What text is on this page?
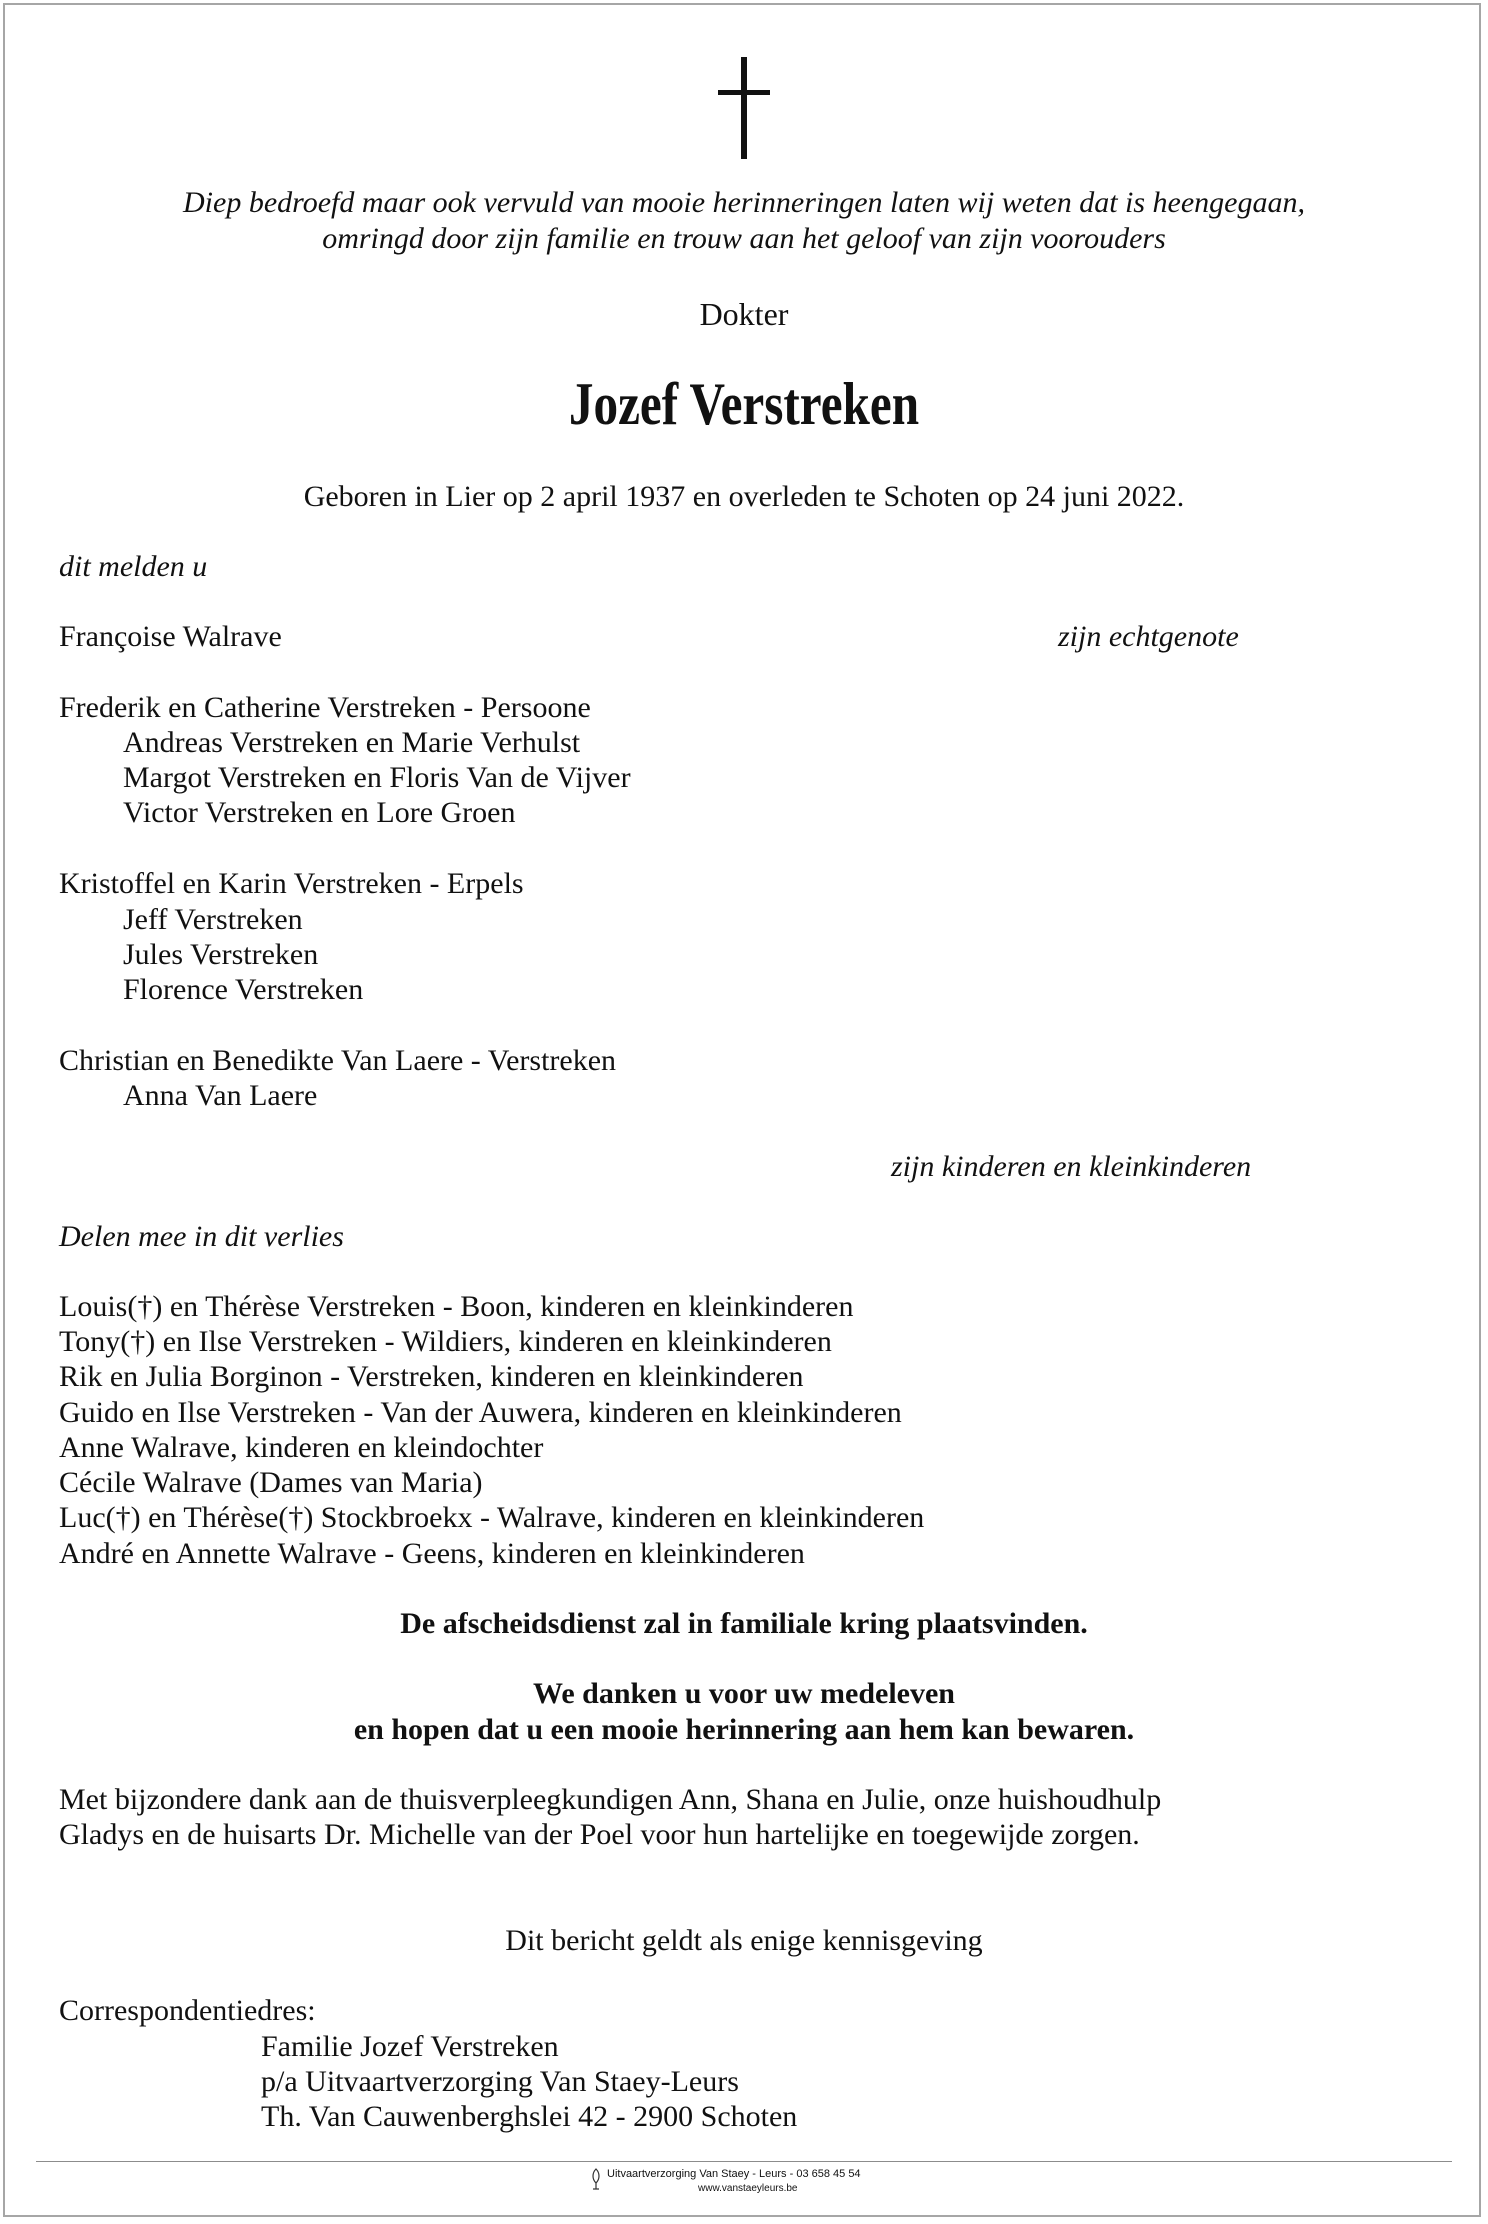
Diep bedroefd maar ook vervuld van mooie herinneringen laten wij weten dat is heengegaan,
omringd door zijn familie en trouw aan het geloof van zijn voorouders
Dokter
Jozef Verstreken
Geboren in Lier op 2 april 1937 en overleden te Schoten op 24 juni 2022.
dit melden u
Françoise Walrave	zijn echtgenote
Frederik en Catherine Verstreken - Persoone
Andreas Verstreken en Marie Verhulst
Margot Verstreken en Floris Van de Vijver
Victor Verstreken en Lore Groen
Kristoffel en Karin Verstreken - Erpels
Jeff Verstreken
Jules Verstreken
Florence Verstreken
Christian en Benedikte Van Laere - Verstreken
Anna Van Laere
zijn kinderen en kleinkinderen
Delen mee in dit verlies
Louis(†) en Thérèse Verstreken - Boon, kinderen en kleinkinderen
Tony(†) en Ilse Verstreken - Wildiers, kinderen en kleinkinderen
Rik en Julia Borginon - Verstreken, kinderen en kleinkinderen
Guido en Ilse Verstreken - Van der Auwera, kinderen en kleinkinderen
Anne Walrave, kinderen en kleindochter
Cécile Walrave (Dames van Maria)
Luc(†) en Thérèse(†) Stockbroekx - Walrave, kinderen en kleinkinderen
André en Annette Walrave - Geens, kinderen en kleinkinderen
De afscheidsdienst zal in familiale kring plaatsvinden.
We danken u voor uw medeleven
en hopen dat u een mooie herinnering aan hem kan bewaren.
Met bijzondere dank aan de thuisverpleegkundigen Ann, Shana en Julie, onze huishoudhulp
Gladys en de huisarts Dr. Michelle van der Poel voor hun hartelijke en toegewijde zorgen.
Dit bericht geldt als enige kennisgeving
Correspondentiedres:
Familie Jozef Verstreken
p/a Uitvaartverzorging Van Staey-Leurs
Th. Van Cauwenberghslei 42 - 2900 Schoten
Uitvaartverzorging Van Staey - Leurs - 03 658 45 54
www.vanstaeyleurs.be
